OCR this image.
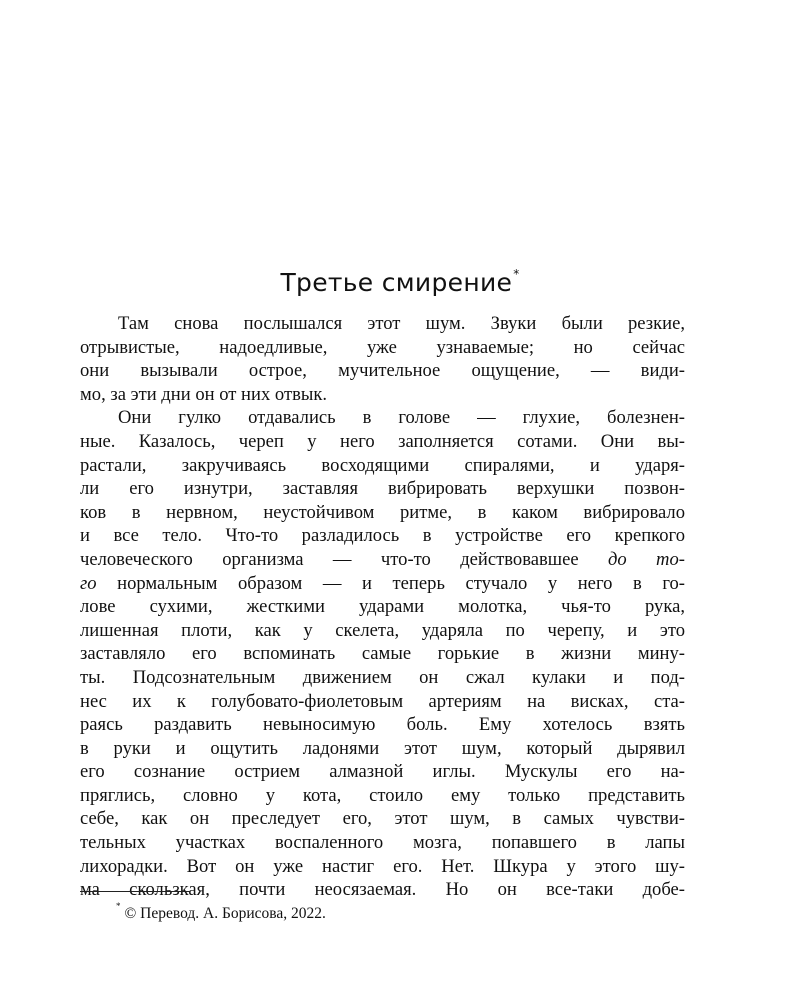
Третье смирение*
Там снова послышался этот шум. Звуки были резкие,
отрывистые, надоедливые, уже узнаваемые; но сейчас
они вызывали острое, мучительное ощущение, — види-
мо, за эти дни он от них отвык.
Они гулко отдавались в голове — глухие, болезнен-
ные. Казалось, череп у него заполняется сотами. Они вы-
растали, закручиваясь восходящими спиралями, и ударя-
ли его изнутри, заставляя вибрировать верхушки позвон-
ков в нервном, неустойчивом ритме, в каком вибрировало
и все тело. Что-то разладилось в устройстве его крепкого
человеческого организма — что-то действовавшее до то-
го нормальным образом — и теперь стучало у него в го-
лове сухими, жесткими ударами молотка, чья-то рука,
лишенная плоти, как у скелета, ударяла по черепу, и это
заставляло его вспоминать самые горькие в жизни мину-
ты. Подсознательным движением он сжал кулаки и под-
нес их к голубовато-фиолетовым артериям на висках, ста-
раясь раздавить невыносимую боль. Ему хотелось взять
в руки и ощутить ладонями этот шум, который дырявил
его сознание острием алмазной иглы. Мускулы его на-
пряглись, словно у кота, стоило ему только представить
себе, как он преследует его, этот шум, в самых чувстви-
тельных участках воспаленного мозга, попавшего в лапы
лихорадки. Вот он уже настиг его. Нет. Шкура у этого шу-
ма скользкая, почти неосязаемая. Но он все-таки добе-
* © Перевод. А. Борисова, 2022.
